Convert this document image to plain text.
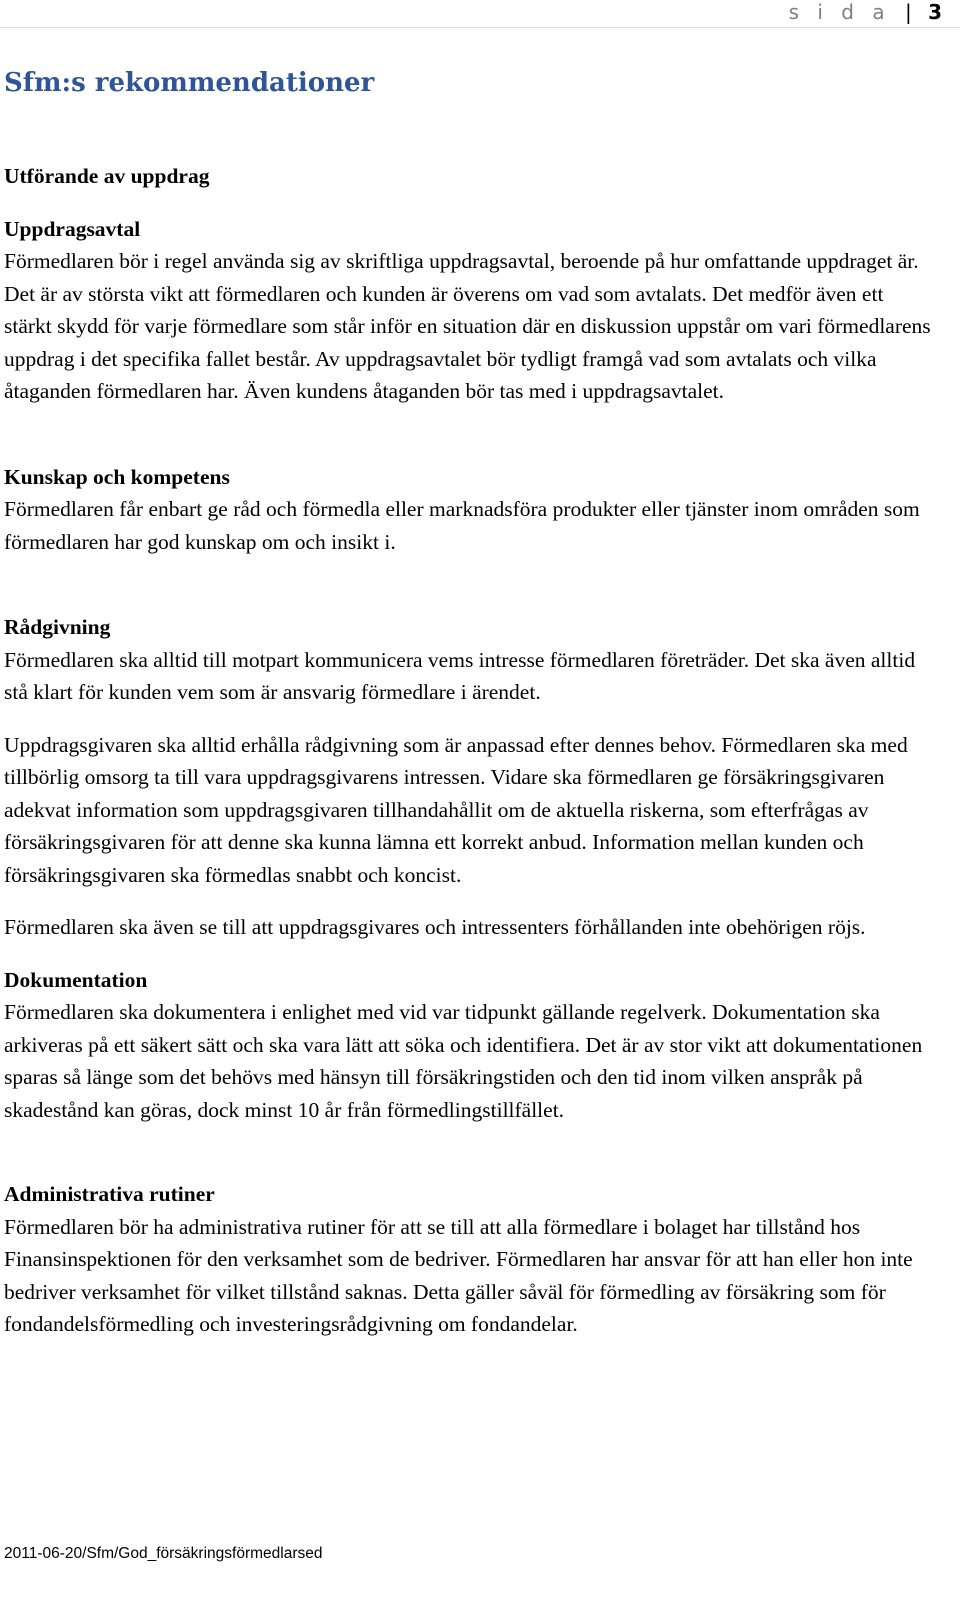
s i d a | 3
Sfm:s rekommendationer
Utförande av uppdrag
Uppdragsavtal

Förmedlaren bör i regel använda sig av skriftliga uppdragsavtal, beroende på hur omfattande uppdraget är. Det är av största vikt att förmedlaren och kunden är överens om vad som avtalats. Det medför även ett stärkt skydd för varje förmedlare som står inför en situation där en diskussion uppstår om vari förmedlarens uppdrag i det specifika fallet består. Av uppdragsavtalet bör tydligt framgå vad som avtalats och vilka åtaganden förmedlaren har. Även kundens åtaganden bör tas med i uppdragsavtalet.

Kunskap och kompetens

Förmedlaren får enbart ge råd och förmedla eller marknadsföra produkter eller tjänster inom områden som förmedlaren har god kunskap om och insikt i.

Rådgivning

Förmedlaren ska alltid till motpart kommunicera vems intresse förmedlaren företräder. Det ska även alltid stå klart för kunden vem som är ansvarig förmedlare i ärendet.

Uppdragsgivaren ska alltid erhålla rådgivning som är anpassad efter dennes behov. Förmedlaren ska med tillbörlig omsorg ta till vara uppdragsgivarens intressen. Vidare ska förmedlaren ge försäkringsgivaren adekvat information som uppdragsgivaren tillhandahållit om de aktuella riskerna, som efterfrågas av försäkringsgivaren för att denne ska kunna lämna ett korrekt anbud. Information mellan kunden och försäkringsgivaren ska förmedlas snabbt och koncist.

Förmedlaren ska även se till att uppdragsgivares och intressenters förhållanden inte obehörigen röjs.

Dokumentation

Förmedlaren ska dokumentera i enlighet med vid var tidpunkt gällande regelverk. Dokumentation ska arkiveras på ett säkert sätt och ska vara lätt att söka och identifiera. Det är av stor vikt att dokumentationen sparas så länge som det behövs med hänsyn till försäkringstiden och den tid inom vilken anspråk på skadestånd kan göras, dock minst 10 år från förmedlingstillfället.

Administrativa rutiner

Förmedlaren bör ha administrativa rutiner för att se till att alla förmedlare i bolaget har tillstånd hos Finansinspektionen för den verksamhet som de bedriver. Förmedlaren har ansvar för att han eller hon inte bedriver verksamhet för vilket tillstånd saknas. Detta gäller såväl för förmedling av försäkring som för fondandelsförmedling och investeringsrådgivning om fondandelar.

2011-06-20/Sfm/God_försäkringsförmedlarsed
